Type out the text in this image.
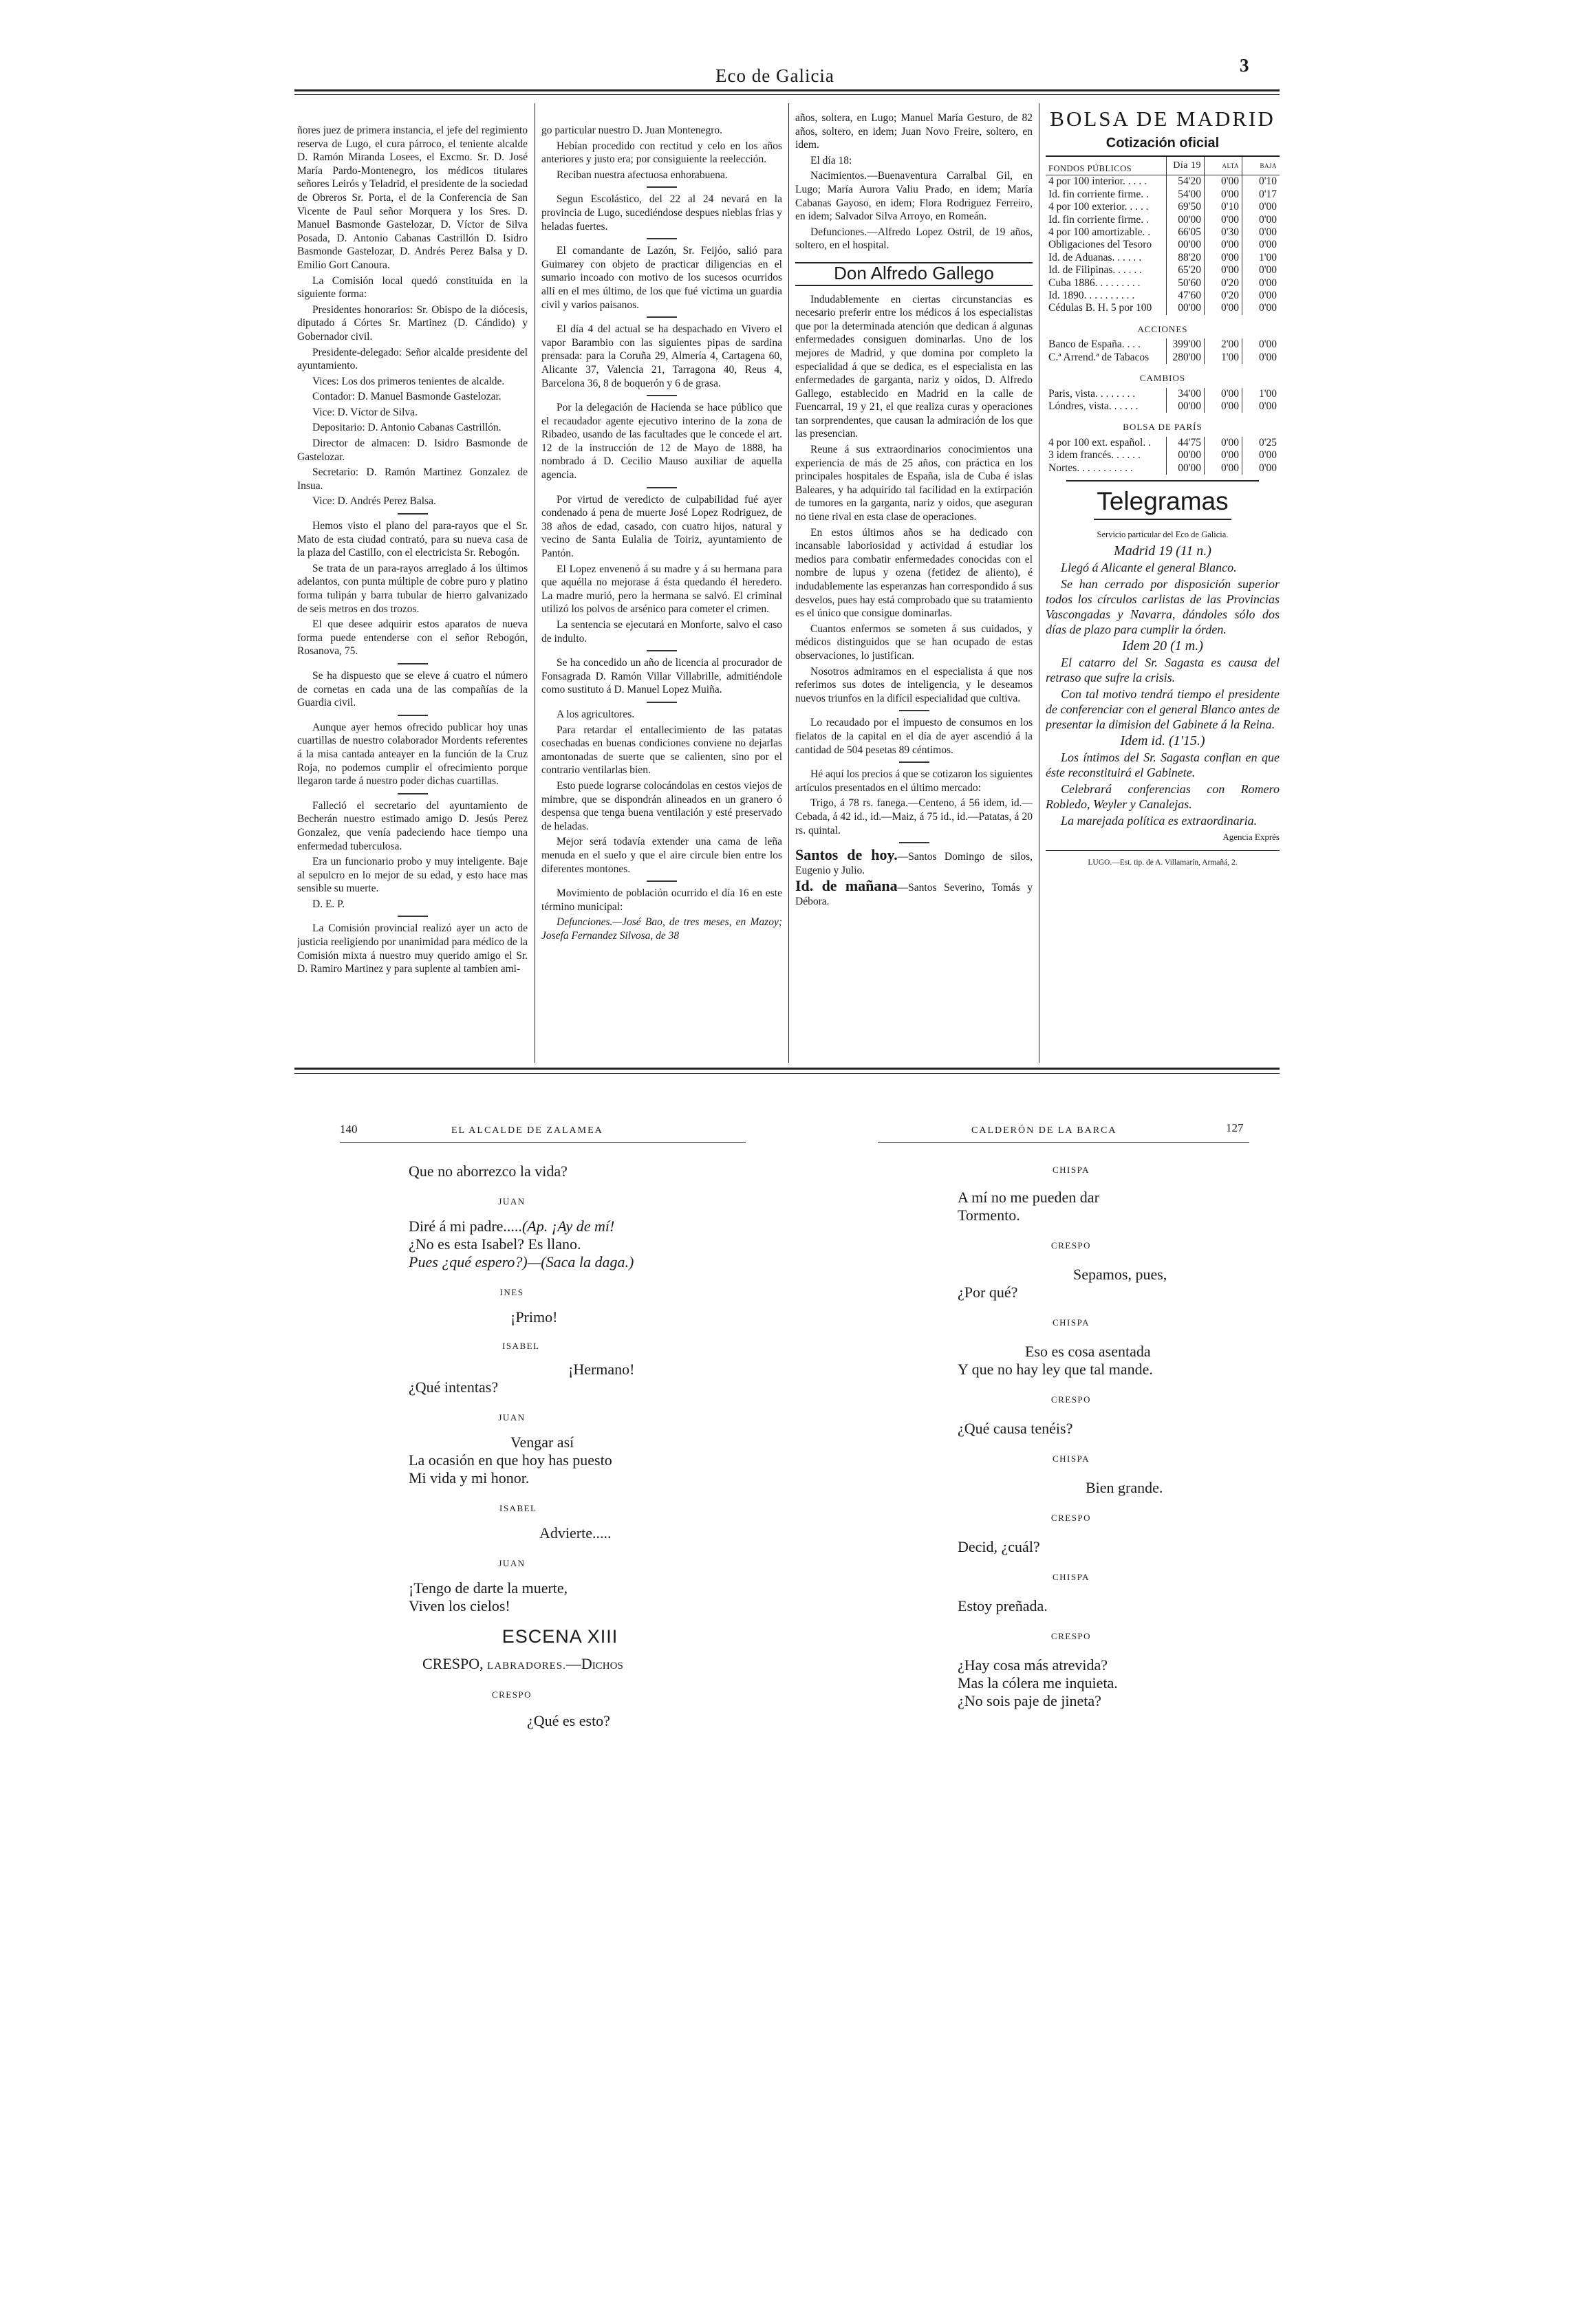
Eco de Galicia	3

ñores juez de primera instancia, el jefe del regimiento reserva de Lugo, el cura párroco, el teniente alcalde D. Ramón Miranda Losees, el Excmo. Sr. D. José María Pardo-Montenegro, los médicos titulares señores Leirós y Teladrid, el presidente de la sociedad de Obreros Sr. Porta, el de la Conferencia de San Vicente de Paul señor Morquera y los Sres. D. Manuel Basmonde Gastelozar, D. Víctor de Silva Posada, D. Antonio Cabanas Castrillón D. Isidro Basmonde Gastelozar, D. Andrés Perez Balsa y D. Emilio Gort Canoura.

La Comisión local quedó constituida en la siguiente forma:

Presidentes honorarios: Sr. Obispo de la diócesis, diputado á Córtes Sr. Martinez (D. Cándido) y Gobernador civil.

Presidente-delegado: Señor alcalde presidente del ayuntamiento.

Vices: Los dos primeros tenientes de alcalde.

Contador: D. Manuel Basmonde Gastelozar.

Vice: D. Víctor de Silva.

Depositario: D. Antonio Cabanas Castrillón.

Director de almacen: D. Isidro Basmonde de Gastelozar.

Secretario: D. Ramón Martinez Gonzalez de Insua.

Vice: D. Andrés Perez Balsa.

Hemos visto el plano del para-rayos que el Sr. Mato de esta ciudad contrató, para su nueva casa de la plaza del Castillo, con el electricista Sr. Rebogón.

Se trata de un para-rayos arreglado á los últimos adelantos, con punta múltiple de cobre puro y platino forma tulipán y barra tubular de hierro galvanizado de seis metros en dos trozos.

El que desee adquirir estos aparatos de nueva forma puede entenderse con el señor Rebogón, Rosanova, 75.

Se ha dispuesto que se eleve á cuatro el número de cornetas en cada una de las compañías de la Guardia civil.

Aunque ayer hemos ofrecido publicar hoy unas cuartillas de nuestro colaborador Mordents referentes á la misa cantada anteayer en la función de la Cruz Roja, no podemos cumplir el ofrecimiento porque llegaron tarde á nuestro poder dichas cuartillas.

Falleció el secretario del ayuntamiento de Becherán nuestro estimado amigo D. Jesús Perez Gonzalez, que venía padeciendo hace tiempo una enfermedad tuberculosa.

Era un funcionario probo y muy inteligente. Baje al sepulcro en lo mejor de su edad, y esto hace mas sensible su muerte.

D. E. P.

La Comisión provincial realizó ayer un acto de justicia reeligiendo por unanimidad para médico de la Comisión mixta á nuestro muy querido amigo el Sr. D. Ramiro Martinez y para suplente al tambien ami-

go particular nuestro D. Juan Montenegro.

Hebían procedido con rectitud y celo en los años anteriores y justo era; por consiguiente la reelección.

Reciban nuestra afectuosa enhorabuena.

Segun Escolástico, del 22 al 24 nevará en la provincia de Lugo, sucediéndose despues nieblas frias y heladas fuertes.

El comandante de Lazón, Sr. Feijóo, salió para Guimarey con objeto de practicar diligencias en el sumario incoado con motivo de los sucesos ocurridos allí en el mes último, de los que fué víctima un guardia civil y varios paisanos.

El día 4 del actual se ha despachado en Vivero el vapor Barambio con las siguientes pipas de sardina prensada: para la Coruña 29, Almería 4, Cartagena 60, Alicante 37, Valencia 21, Tarragona 40, Reus 4, Barcelona 36, 8 de boquerón y 6 de grasa.

Por la delegación de Hacienda se hace público que el recaudador agente ejecutivo interino de la zona de Ribadeo, usando de las facultades que le concede el art. 12 de la instrucción de 12 de Mayo de 1888, ha nombrado á D. Cecilio Mauso auxiliar de aquella agencia.

Por virtud de veredicto de culpabilidad fué ayer condenado á pena de muerte José Lopez Rodriguez, de 38 años de edad, casado, con cuatro hijos, natural y vecino de Santa Eulalia de Toiriz, ayuntamiento de Pantón.

El Lopez envenenó á su madre y á su hermana para que aquélla no mejorase á ésta quedando él heredero. La madre murió, pero la hermana se salvó. El criminal utilizó los polvos de arsénico para cometer el crimen.

La sentencia se ejecutará en Monforte, salvo el caso de indulto.

Se ha concedido un año de licencia al procurador de Fonsagrada D. Ramón Villar Villabrille, admitiéndole como sustituto á D. Manuel Lopez Muiña.

A los agricultores.

Para retardar el entallecimiento de las patatas cosechadas en buenas condiciones conviene no dejarlas amontonadas de suerte que se calienten, sino por el contrario ventilarlas bien.

Esto puede lograrse colocándolas en cestos viejos de mimbre, que se dispondrán alineados en un granero ó despensa que tenga buena ventilación y esté preservado de heladas.

Mejor será todavía extender una cama de leña menuda en el suelo y que el aire circule bien entre los diferentes montones.

Movimiento de población ocurrido el día 16 en este término municipal:

Defunciones.—José Bao, de tres meses, en Mazoy; Josefa Fernandez Silvosa, de 38

años, soltera, en Lugo; Manuel María Gesturo, de 82 años, soltero, en idem; Juan Novo Freire, soltero, en idem.

El día 18:

Nacimientos.—Buenaventura Carralbal Gil, en Lugo; María Aurora Valiu Prado, en idem; María Cabanas Gayoso, en idem; Flora Rodriguez Ferreiro, en idem; Salvador Silva Arroyo, en Romeán.

Defunciones.—Alfredo Lopez Ostril, de 19 años, soltero, en el hospital.

Don Alfredo Gallego

Indudablemente en ciertas circunstancias es necesario preferir entre los médicos á los especialistas que por la determinada atención que dedican á algunas enfermedades consiguen dominarlas. Uno de los mejores de Madrid, y que domina por completo la especialidad á que se dedica, es el especialista en las enfermedades de garganta, nariz y oidos, D. Alfredo Gallego, establecido en Madrid en la calle de Fuencarral, 19 y 21, el que realiza curas y operaciones tan sorprendentes, que causan la admiración de los que las presencian.

Reune á sus extraordinarios conocimientos una experiencia de más de 25 años, con práctica en los principales hospitales de España, isla de Cuba é islas Baleares, y ha adquirido tal facilidad en la extirpación de tumores en la garganta, nariz y oidos, que aseguran no tiene rival en esta clase de operaciones.

En estos últimos años se ha dedicado con incansable laboriosidad y actividad á estudiar los medios para combatir enfermedades conocidas con el nombre de lupus y ozena (fetidez de aliento), é indudablemente las esperanzas han correspondido á sus desvelos, pues hay está comprobado que su tratamiento es el único que consigue dominarlas.

Cuantos enfermos se someten á sus cuidados, y médicos distinguidos que se han ocupado de estas observaciones, lo justifican.

Nosotros admiramos en el especialista á que nos referimos sus dotes de inteligencia, y le deseamos nuevos triunfos en la difícil especialidad que cultiva.

Lo recaudado por el impuesto de consumos en los fielatos de la capital en el día de ayer ascendió á la cantidad de 504 pesetas 89 céntimos.

Hé aquí los precios á que se cotizaron los siguientes artículos presentados en el último mercado:

Trigo, á 78 rs. fanega.—Centeno, á 56 idem, id.—Cebada, á 42 id., id.—Maiz, á 75 id., id.—Patatas, á 20 rs. quintal.

Santos de hoy.—Santos Domingo de silos, Eugenio y Julio.

Id. de mañana—Santos Severino, Tomás y Débora.

BOLSA DE MADRID
Cotización oficial
FONDOS PÚBLICOS	Día 19	ALTA	BAJA
4 por 100 interior. . . . .	54'20	0'00	0'10
Id. fin corriente firme. .	54'00	0'00	0'17
4 por 100 exterior. . . . .	69'50	0'10	0'00
Id. fin corriente firme. .	00'00	0'00	0'00
4 por 100 amortizable. .	66'05	0'30	0'00
Obligaciones del Tesoro	00'00	0'00	0'00
Id. de Aduanas. . . . . .	88'20	0'00	1'00
Id. de Filipinas. . . . . .	65'20	0'00	0'00
Cuba 1886. . . . . . . . .	50'60	0'20	0'00
Id. 1890. . . . . . . . . .	47'60	0'20	0'00
Cédulas B. H. 5 por 100	00'00	0'00	0'00
ACCIONES			
Banco de España. . . .	399'00	2'00	0'00
C.ª Arrend.ª de Tabacos	280'00	1'00	0'00
CAMBIOS			
Paris, vista. . . . . . . .	34'00	0'00	1'00
Lóndres, vista. . . . . .	00'00	0'00	0'00
BOLSA DE PARÍS			
4 por 100 ext. español. .	44'75	0'00	0'25
3 idem francés. . . . . .	00'00	0'00	0'00
Nortes. . . . . . . . . . .	00'00	0'00	0'00
Telegramas

Servicio particular del Eco de Galicia.

Madrid 19 (11 n.)

Llegó á Alicante el general Blanco.

Se han cerrado por disposición superior todos los círculos carlistas de las Provincias Vascongadas y Navarra, dándoles sólo dos días de plazo para cumplir la órden.

Idem 20 (1 m.)

El catarro del Sr. Sagasta es causa del retraso que sufre la crisis.

Con tal motivo tendrá tiempo el presidente de conferenciar con el general Blanco antes de presentar la dimision del Gabinete á la Reina.

Idem id. (1'15.)

Los íntimos del Sr. Sagasta confian en que éste reconstituirá el Gabinete.

Celebrará conferencias con Romero Robledo, Weyler y Canalejas.

La marejada política es extraordinaria.

Agencia Exprés

LUGO.—Est. tip. de A. Villamarín, Armañá, 2.

140	EL ALCALDE DE ZALAMEA
Que no aborrezco la vida?
JUAN
Diré á mi padre.....(Ap. ¡Ay de mí!
¿No es esta Isabel? Es llano.
Pues ¿qué espero?)—(Saca la daga.)
INES
¡Primo!
ISABEL
¡Hermano!
¿Qué intentas?
JUAN
Vengar así
La ocasión en que hoy has puesto
Mi vida y mi honor.
ISABEL
Advierte.....
JUAN
¡Tengo de darte la muerte,
Viven los cielos!
ESCENA XIII
CRESPO, LABRADORES.—Dichos
CRESPO
¿Qué es esto?
CALDERÓN DE LA BARCA	127
CHISPA
A mí no me pueden dar
Tormento.
CRESPO
Sepamos, pues,
¿Por qué?
CHISPA
Eso es cosa asentada
Y que no hay ley que tal mande.
CRESPO
¿Qué causa tenéis?
CHISPA
Bien grande.
CRESPO
Decid, ¿cuál?
CHISPA
Estoy preñada.
CRESPO
¿Hay cosa más atrevida?
Mas la cólera me inquieta.
¿No sois paje de jineta?
